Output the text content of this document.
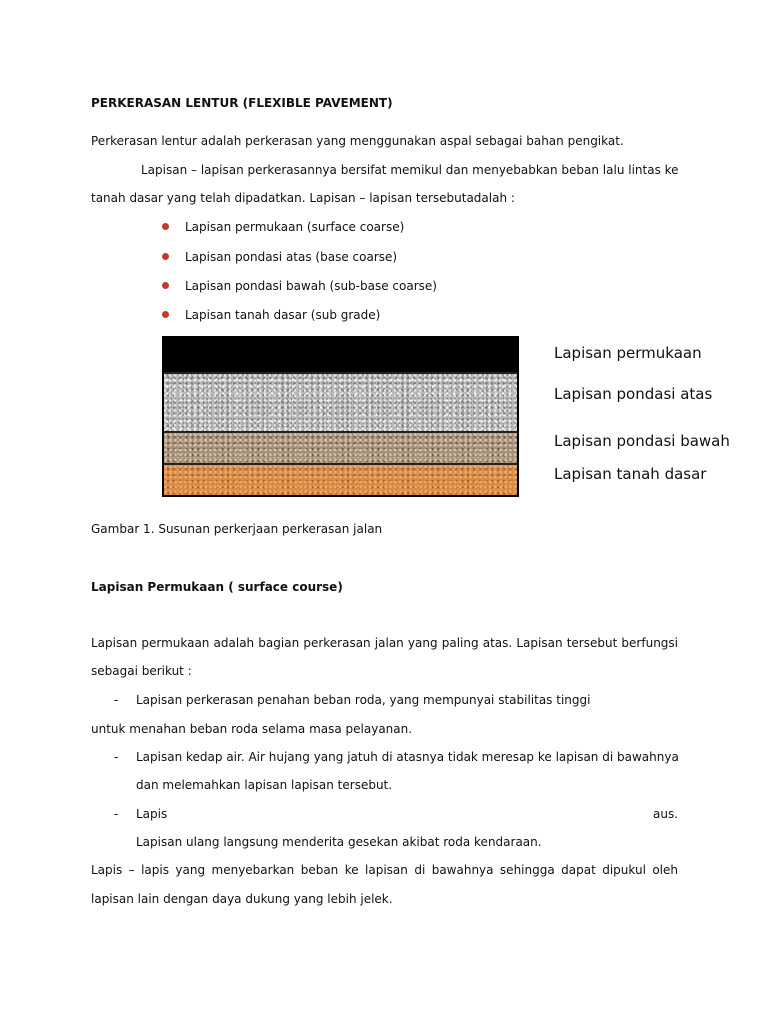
PERKERASAN LENTUR (FLEXIBLE PAVEMENT)
Perkerasan lentur adalah perkerasan yang menggunakan aspal sebagai bahan pengikat.
Lapisan – lapisan perkerasannya bersifat memikul dan menyebabkan beban lalu lintas ke
tanah dasar yang telah dipadatkan. Lapisan – lapisan tersebutadalah :
Lapisan permukaan (surface coarse)
Lapisan pondasi atas (base coarse)
Lapisan pondasi bawah (sub-base coarse)
Lapisan tanah dasar (sub grade)
Lapisan permukaan
Lapisan pondasi atas
Lapisan pondasi bawah
Lapisan tanah dasar
Gambar 1. Susunan perkerjaan perkerasan jalan
Lapisan Permukaan ( surface course)
Lapisan permukaan adalah bagian perkerasan jalan yang paling atas. Lapisan tersebut berfungsi
sebagai berikut :
- Lapisan perkerasan penahan beban roda, yang mempunyai stabilitas tinggi
untuk menahan beban roda selama masa pelayanan.
- Lapisan kedap air. Air hujang yang jatuh di atasnya tidak meresap ke lapisan di bawahnya
dan melemahkan lapisan lapisan tersebut.
- Lapis	aus.
Lapisan ulang langsung menderita gesekan akibat roda kendaraan.
Lapis – lapis yang menyebarkan beban ke lapisan di bawahnya sehingga dapat dipukul oleh
lapisan lain dengan daya dukung yang lebih jelek.
